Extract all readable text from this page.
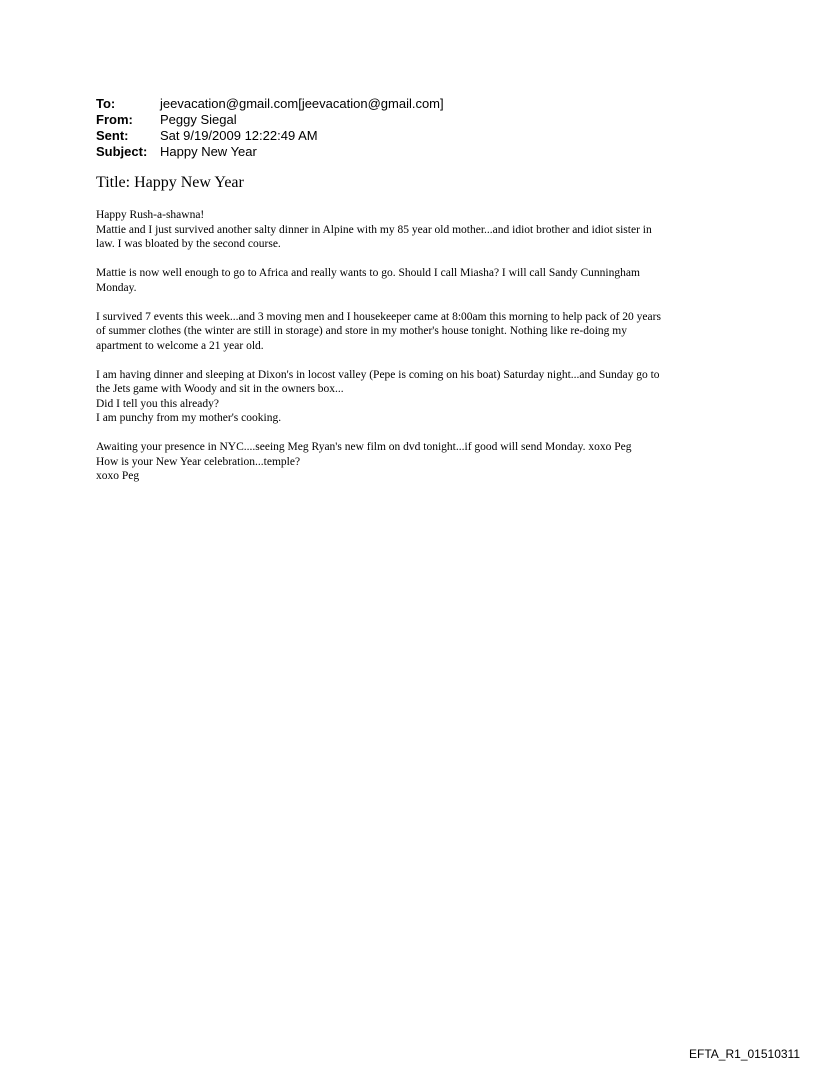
To:	jeevacation@gmail.com[jeevacation@gmail.com]
From:	Peggy Siegal
Sent:	Sat 9/19/2009 12:22:49 AM
Subject: Happy New Year
Title: Happy New Year
Happy Rush-a-shawna!
Mattie and I just survived another salty dinner in Alpine with my 85 year old mother...and idiot brother and idiot sister in
law. I was bloated by the second course.
Mattie is now well enough to go to Africa and really wants to go. Should I call Miasha? I will call Sandy Cunningham
Monday.
I survived 7 events this week...and 3 moving men and I housekeeper came at 8:00am this morning to help pack of 20 years
of summer clothes (the winter are still in storage) and store in my mother's house tonight. Nothing like re-doing my
apartment to welcome a 21 year old.
I am having dinner and sleeping at Dixon's in locost valley (Pepe is coming on his boat) Saturday night...and Sunday go to
the Jets game with Woody and sit in the owners box...
Did I tell you this already?
I am punchy from my mother's cooking.
Awaiting your presence in NYC....seeing Meg Ryan's new film on dvd tonight...if good will send Monday. xoxo Peg
How is your New Year celebration...temple?
xoxo Peg
EFTA_R1_01510311
